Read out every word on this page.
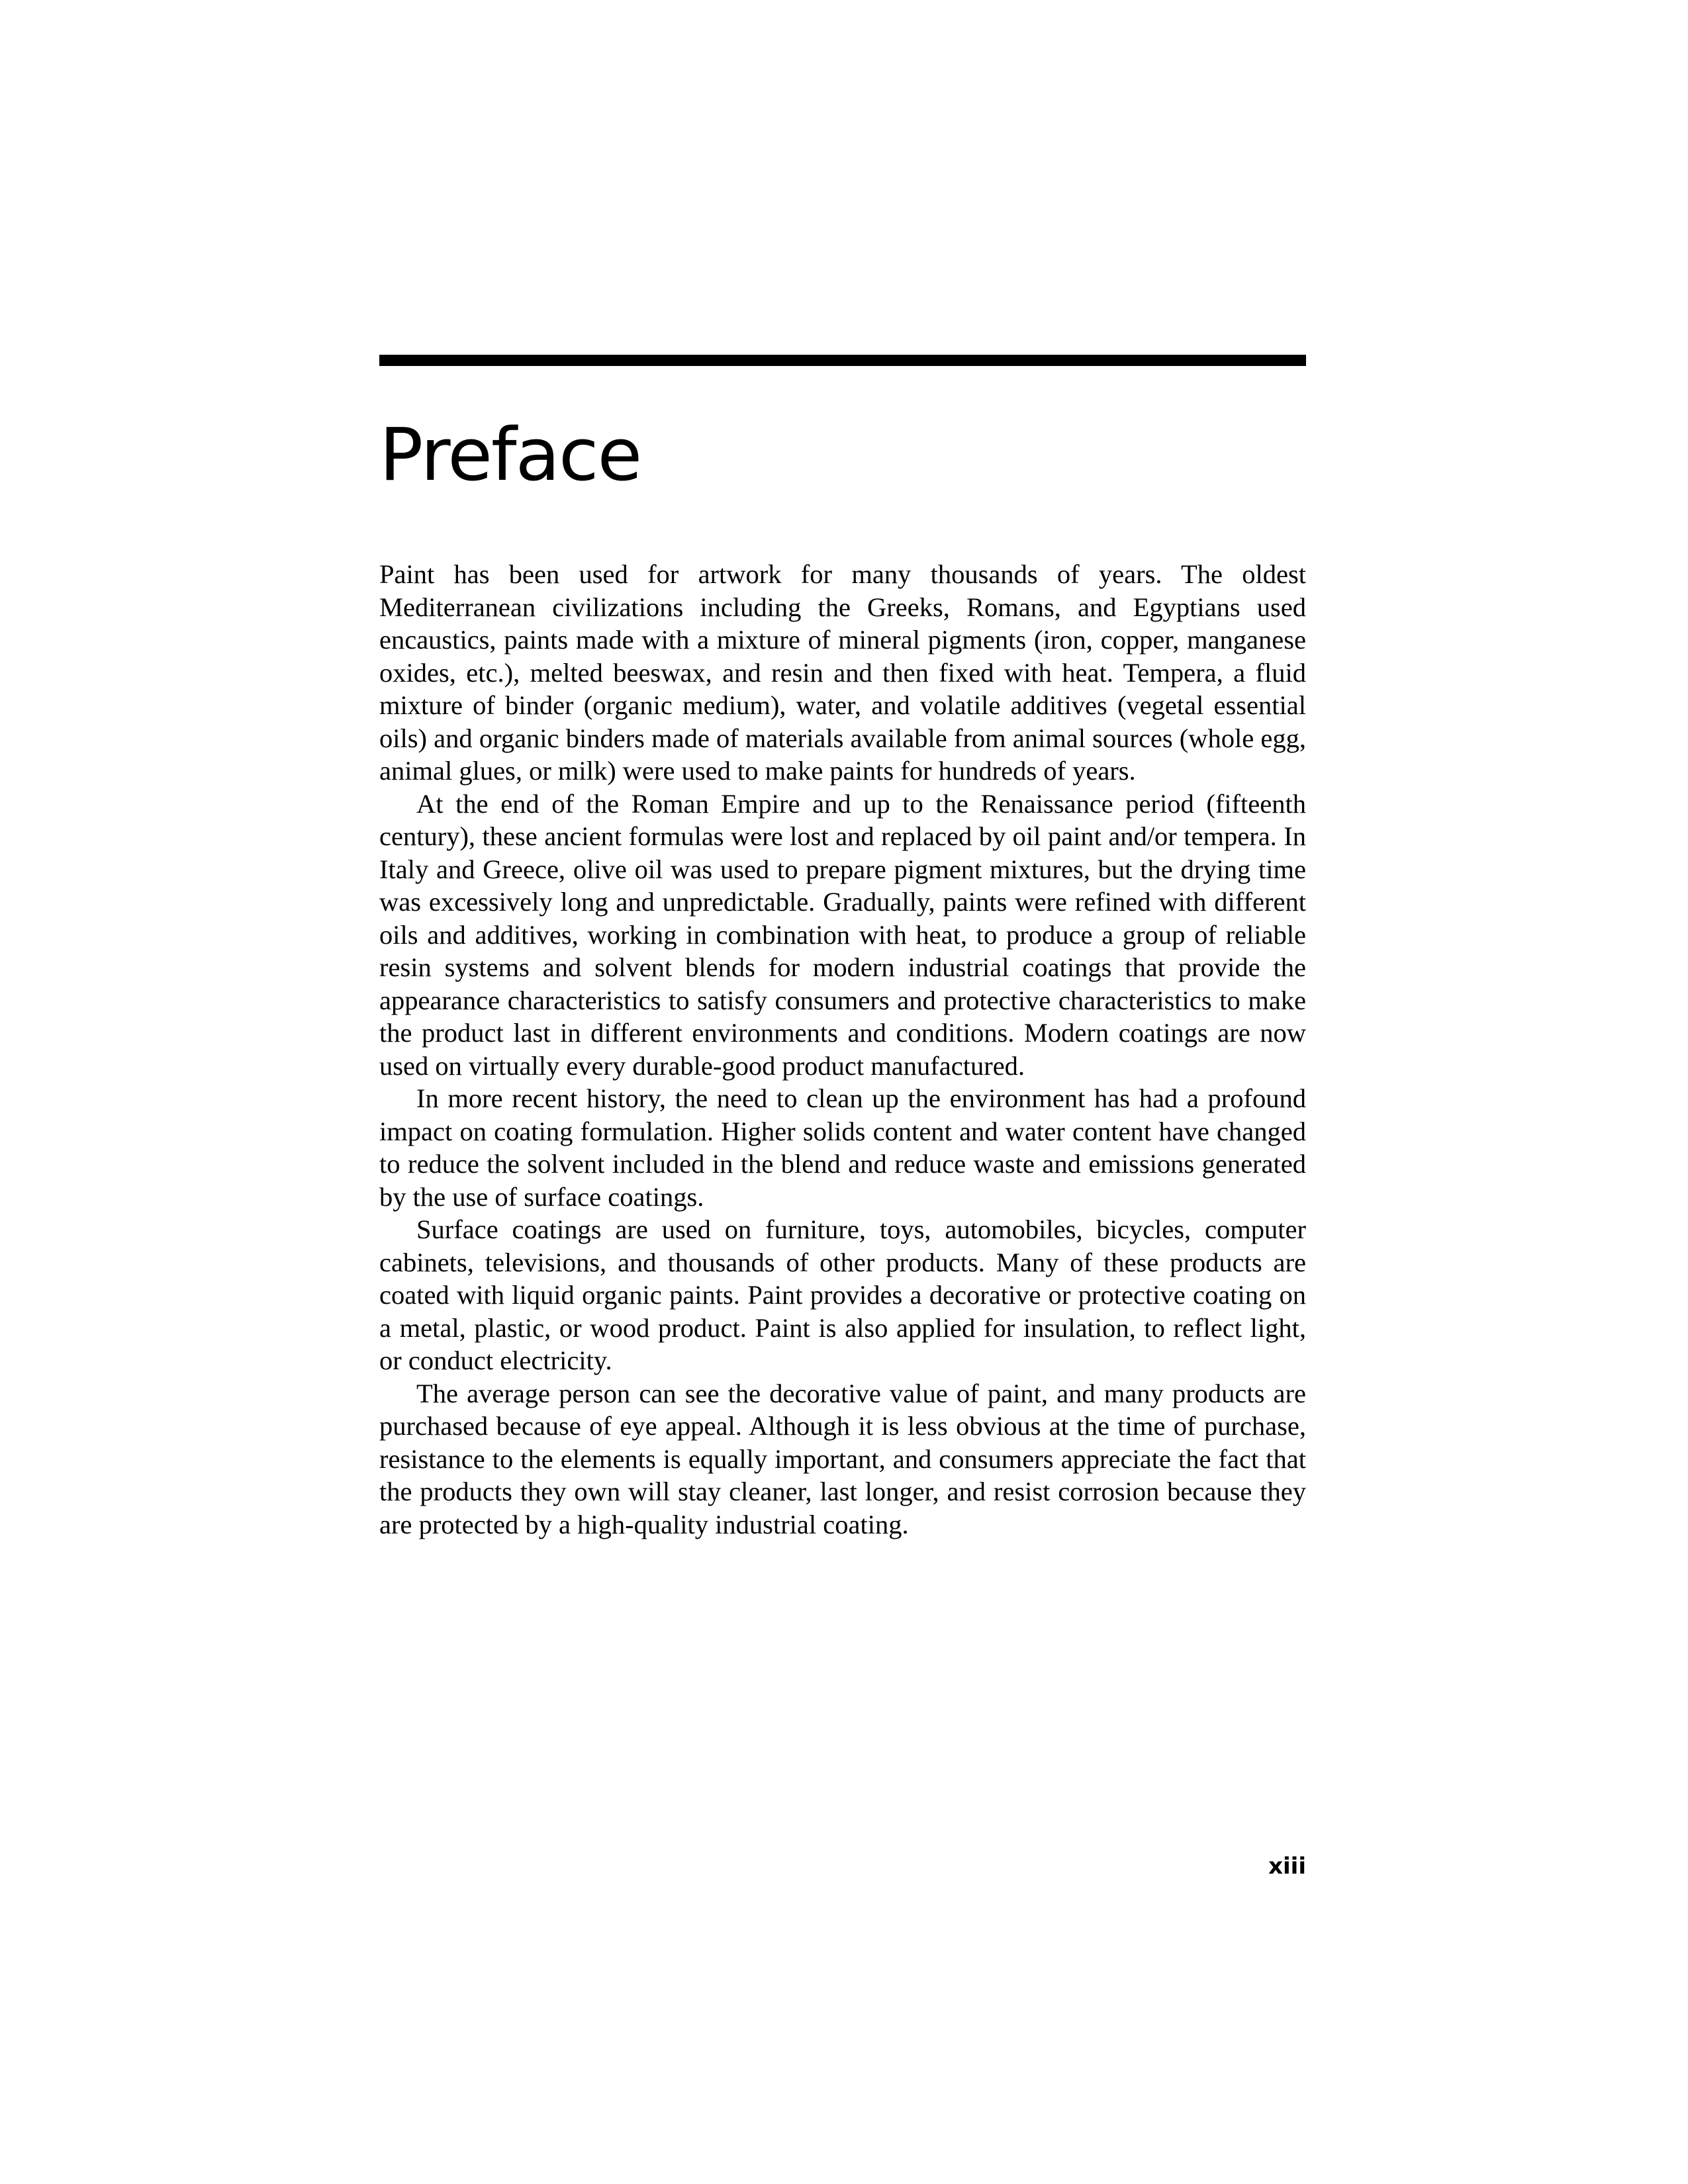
Preface

Paint has been used for artwork for many thousands of years. The oldest Mediterranean civilizations including the Greeks, Romans, and Egyptians used encaustics, paints made with a mixture of mineral pigments (iron, copper, manganese oxides, etc.), melted beeswax, and resin and then fixed with heat. Tempera, a fluid mixture of binder (organic medium), water, and volatile additives (vegetal essential oils) and organic binders made of materials available from animal sources (whole egg, animal glues, or milk) were used to make paints for hundreds of years.

At the end of the Roman Empire and up to the Renaissance period (fifteenth century), these ancient formulas were lost and replaced by oil paint and/or tempera. In Italy and Greece, olive oil was used to prepare pigment mixtures, but the drying time was excessively long and unpredictable. Gradually, paints were refined with different oils and additives, working in combination with heat, to produce a group of reliable resin systems and solvent blends for modern industrial coatings that provide the appearance characteristics to satisfy consumers and protective characteristics to make the product last in different environments and conditions. Modern coatings are now used on virtually every durable-good product manufactured.

In more recent history, the need to clean up the environment has had a profound impact on coating formulation. Higher solids content and water content have changed to reduce the solvent included in the blend and reduce waste and emissions generated by the use of surface coatings.

Surface coatings are used on furniture, toys, automobiles, bicycles, computer cabinets, televisions, and thousands of other products. Many of these products are coated with liquid organic paints. Paint provides a decorative or protective coating on a metal, plastic, or wood product. Paint is also applied for insulation, to reflect light, or conduct electricity.

The average person can see the decorative value of paint, and many products are purchased because of eye appeal. Although it is less obvious at the time of purchase, resistance to the elements is equally important, and consumers appreciate the fact that the products they own will stay cleaner, last longer, and resist corrosion because they are protected by a high-quality industrial coating.

xiii
